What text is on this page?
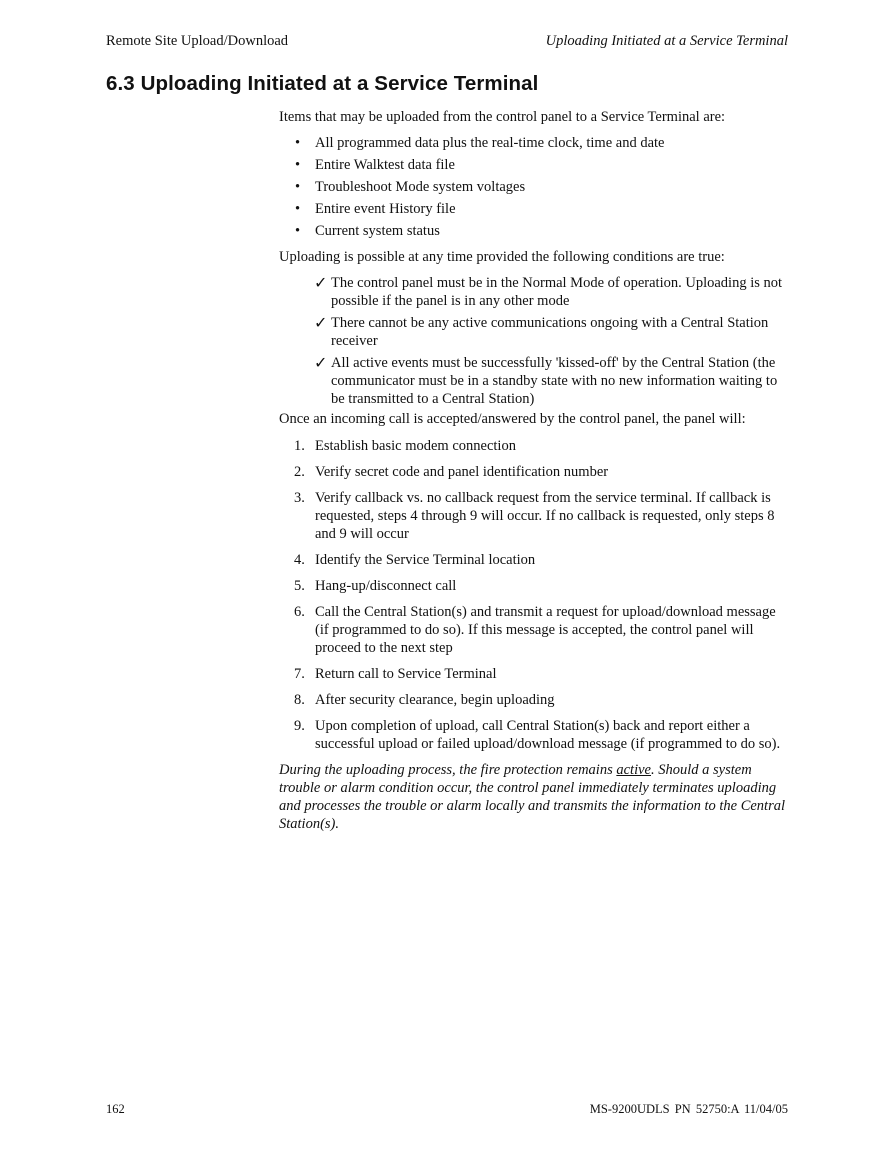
Remote Site Upload/Download	Uploading Initiated at a Service Terminal
6.3 Uploading Initiated at a Service Terminal

Items that may be uploaded from the control panel to a Service Terminal are:

• All programmed data plus the real-time clock, time and date
• Entire Walktest data file
• Troubleshoot Mode system voltages
• Entire event History file
• Current system status

Uploading is possible at any time provided the following conditions are true:

✓ The control panel must be in the Normal Mode of operation. Uploading is not possible if the panel is in any other mode
✓ There cannot be any active communications ongoing with a Central Station receiver
✓ All active events must be successfully 'kissed-off' by the Central Station (the communicator must be in a standby state with no new information waiting to be transmitted to a Central Station)

Once an incoming call is accepted/answered by the control panel, the panel will:

1. Establish basic modem connection
2. Verify secret code and panel identification number
3. Verify callback vs. no callback request from the service terminal. If callback is requested, steps 4 through 9 will occur. If no callback is requested, only steps 8 and 9 will occur
4. Identify the Service Terminal location
5. Hang-up/disconnect call
6. Call the Central Station(s) and transmit a request for upload/download message (if programmed to do so). If this message is accepted, the control panel will proceed to the next step
7. Return call to Service Terminal
8. After security clearance, begin uploading
9. Upon completion of upload, call Central Station(s) back and report either a successful upload or failed upload/download message (if programmed to do so).

During the uploading process, the fire protection remains active. Should a system trouble or alarm condition occur, the control panel immediately terminates uploading and processes the trouble or alarm locally and transmits the information to the Central Station(s).

162	MS-9200UDLS PN 52750:A 11/04/05
